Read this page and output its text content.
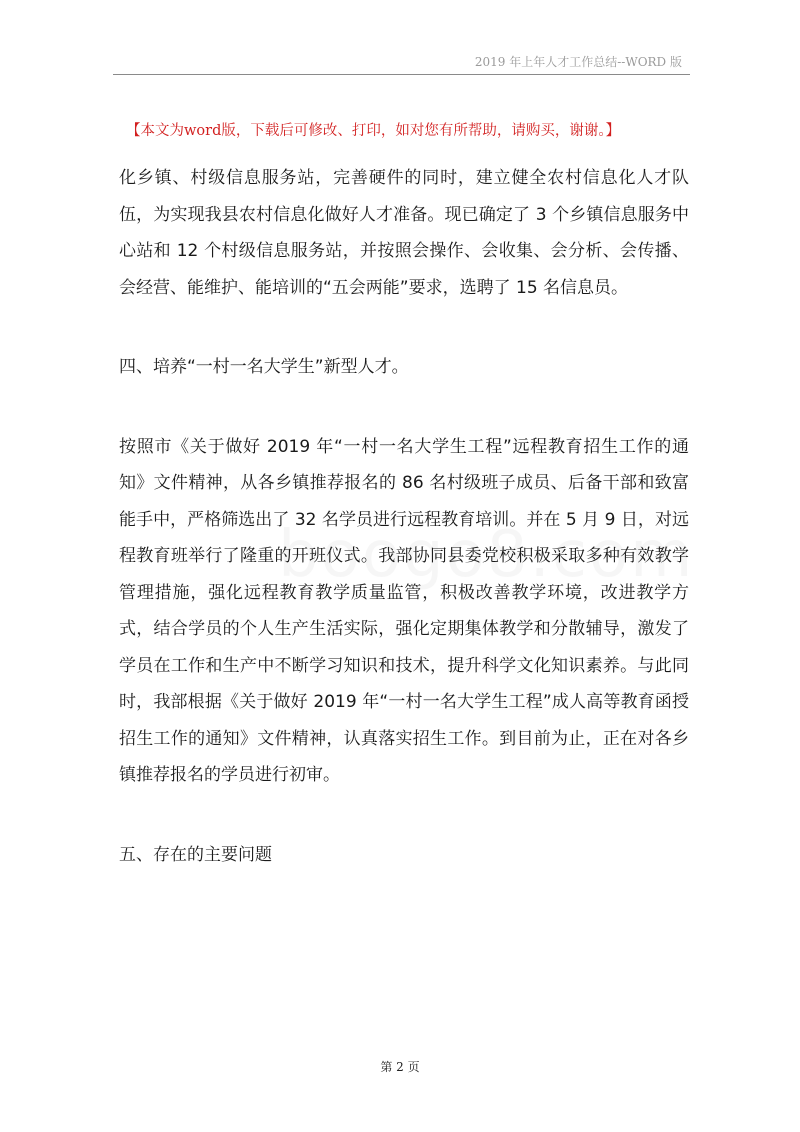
2019 年上年人才工作总结--WORD 版
【本文为word版，下载后可修改、打印，如对您有所帮助，请购买，谢谢。】

化乡镇、村级信息服务站，完善硬件的同时，建立健全农村信息化人才队伍，为实现我县农村信息化做好人才准备。现已确定了 3 个乡镇信息服务中心站和 12 个村级信息服务站，并按照会操作、会收集、会分析、会传播、会经营、能维护、能培训的“五会两能”要求，选聘了 15 名信息员。

四、培养“一村一名大学生”新型人才。

按照市《关于做好 2019 年“一村一名大学生工程”远程教育招生工作的通知》文件精神，从各乡镇推荐报名的 86 名村级班子成员、后备干部和致富能手中，严格筛选出了 32 名学员进行远程教育培训。并在 5 月 9 日，对远程教育班举行了隆重的开班仪式。我部协同县委党校积极采取多种有效教学管理措施，强化远程教育教学质量监管，积极改善教学环境，改进教学方式，结合学员的个人生产生活实际，强化定期集体教学和分散辅导，激发了学员在工作和生产中不断学习知识和技术，提升科学文化知识素养。与此同时，我部根据《关于做好 2019 年“一村一名大学生工程”成人高等教育函授招生工作的通知》文件精神，认真落实招生工作。到目前为止，正在对各乡镇推荐报名的学员进行初审。

五、存在的主要问题

第 2 页
